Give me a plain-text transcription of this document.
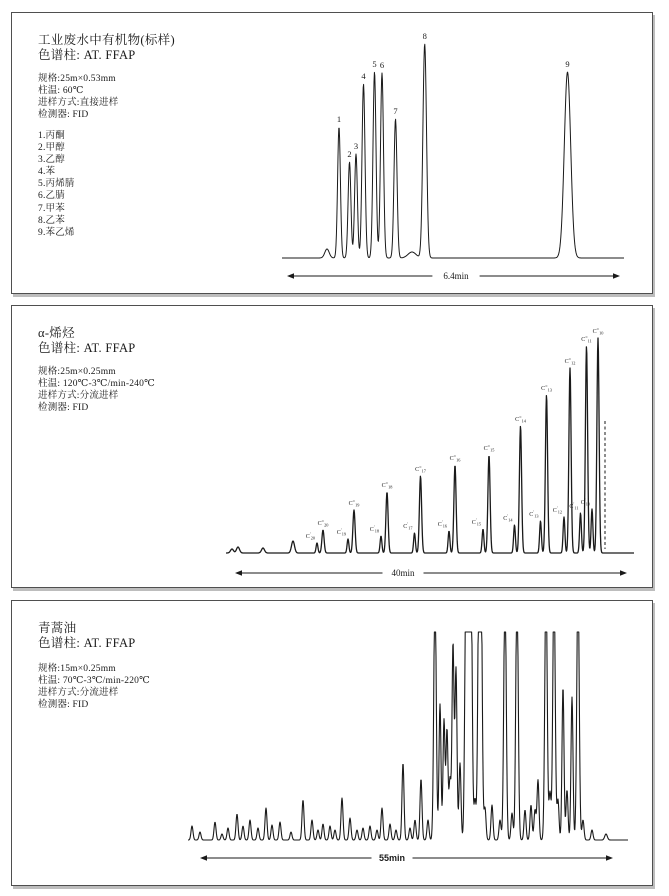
工业废水中有机物(标样)
色谱柱: AT. FFAP
规格:25m×0.53mm
柱温: 60℃
进样方式:直接进样
检测器: FID
1.丙酮
2.甲醇
3.乙醇
4.苯
5.丙烯腈
6.乙腈
7.甲苯
8.乙苯
9.苯乙烯
1
2
3
4
5 6
7
8
9
6.4min
α-烯烃
色谱柱: AT. FFAP
规格:25m×0.25mm
柱温: 120℃-3℃/min-240℃
进样方式:分流进样
检测器: FID
$C'_{20}$
$C^=_{20}$
$C'_{19}$
$C^=_{19}$
$C'_{18}$
$C^=_{18}$
$C'_{17}$
$C^=_{17}$
$C'_{16}$
$C^=_{16}$
$C'_{15}$
$C^=_{15}$
$C'_{14}$
$C^=_{14}$
$C'_{13}$
$C^=_{13}$
$C'_{12}$
$C^=_{12}$
$C'_{11}$
$C^=_{11}$
$C'_{10}$
$C^=_{10}$
40min
青蒿油
色谱柱: AT. FFAP
规格:15m×0.25mm
柱温: 70℃-3℃/min-220℃
进样方式:分流进样
检测器: FID
55min
